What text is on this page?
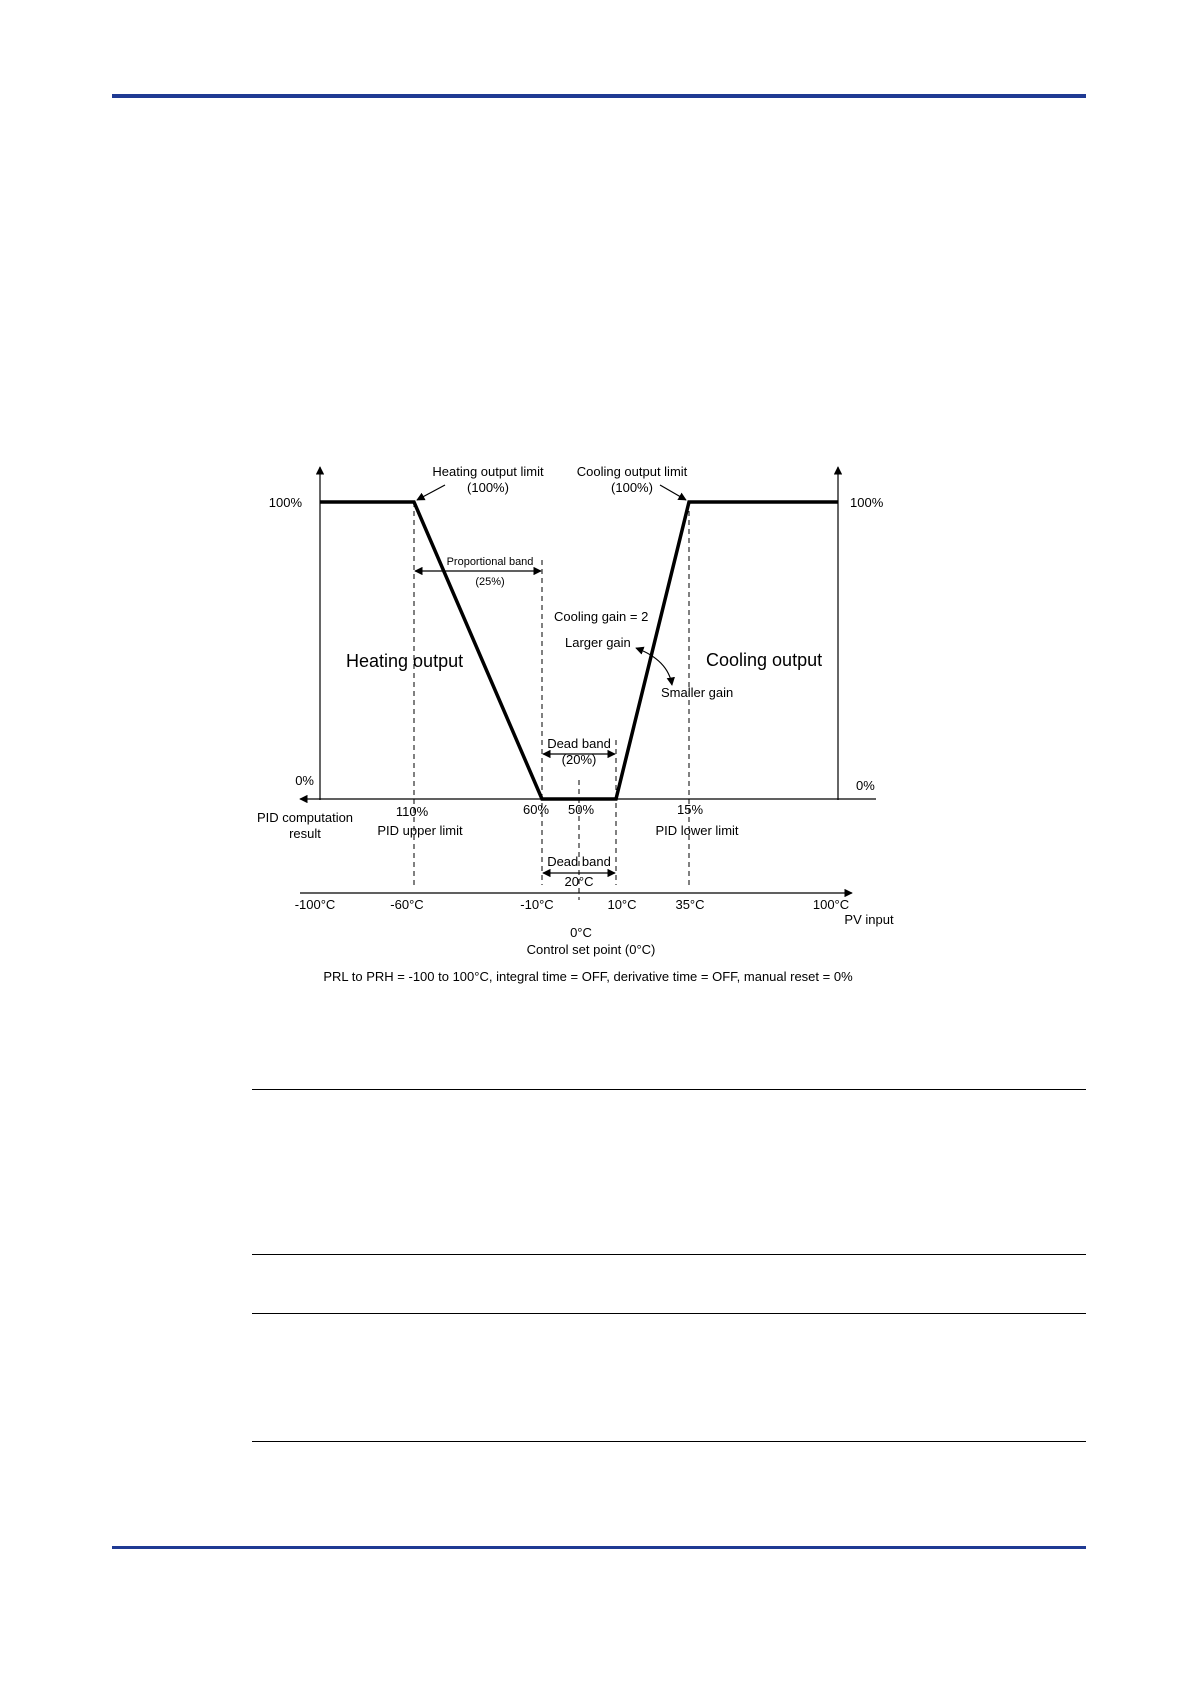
Heating output limit
(100%)
Cooling output limit
(100%)
100%	100%
Proportional band
(25%)
Cooling gain = 2
Larger gain
Smaller gain
Heating output	Cooling output
Dead band
(20%)
0%	0%
PID computation
result
110%
PID upper limit
60% 50%	15%
PID lower limit
Dead band
20°C
-100°C	-60°C	-10°C	10°C	35°C	100°C
PV input
0°C
Control set point (0°C)
PRL to PRH = -100 to 100°C, integral time = OFF, derivative time = OFF, manual reset = 0%
